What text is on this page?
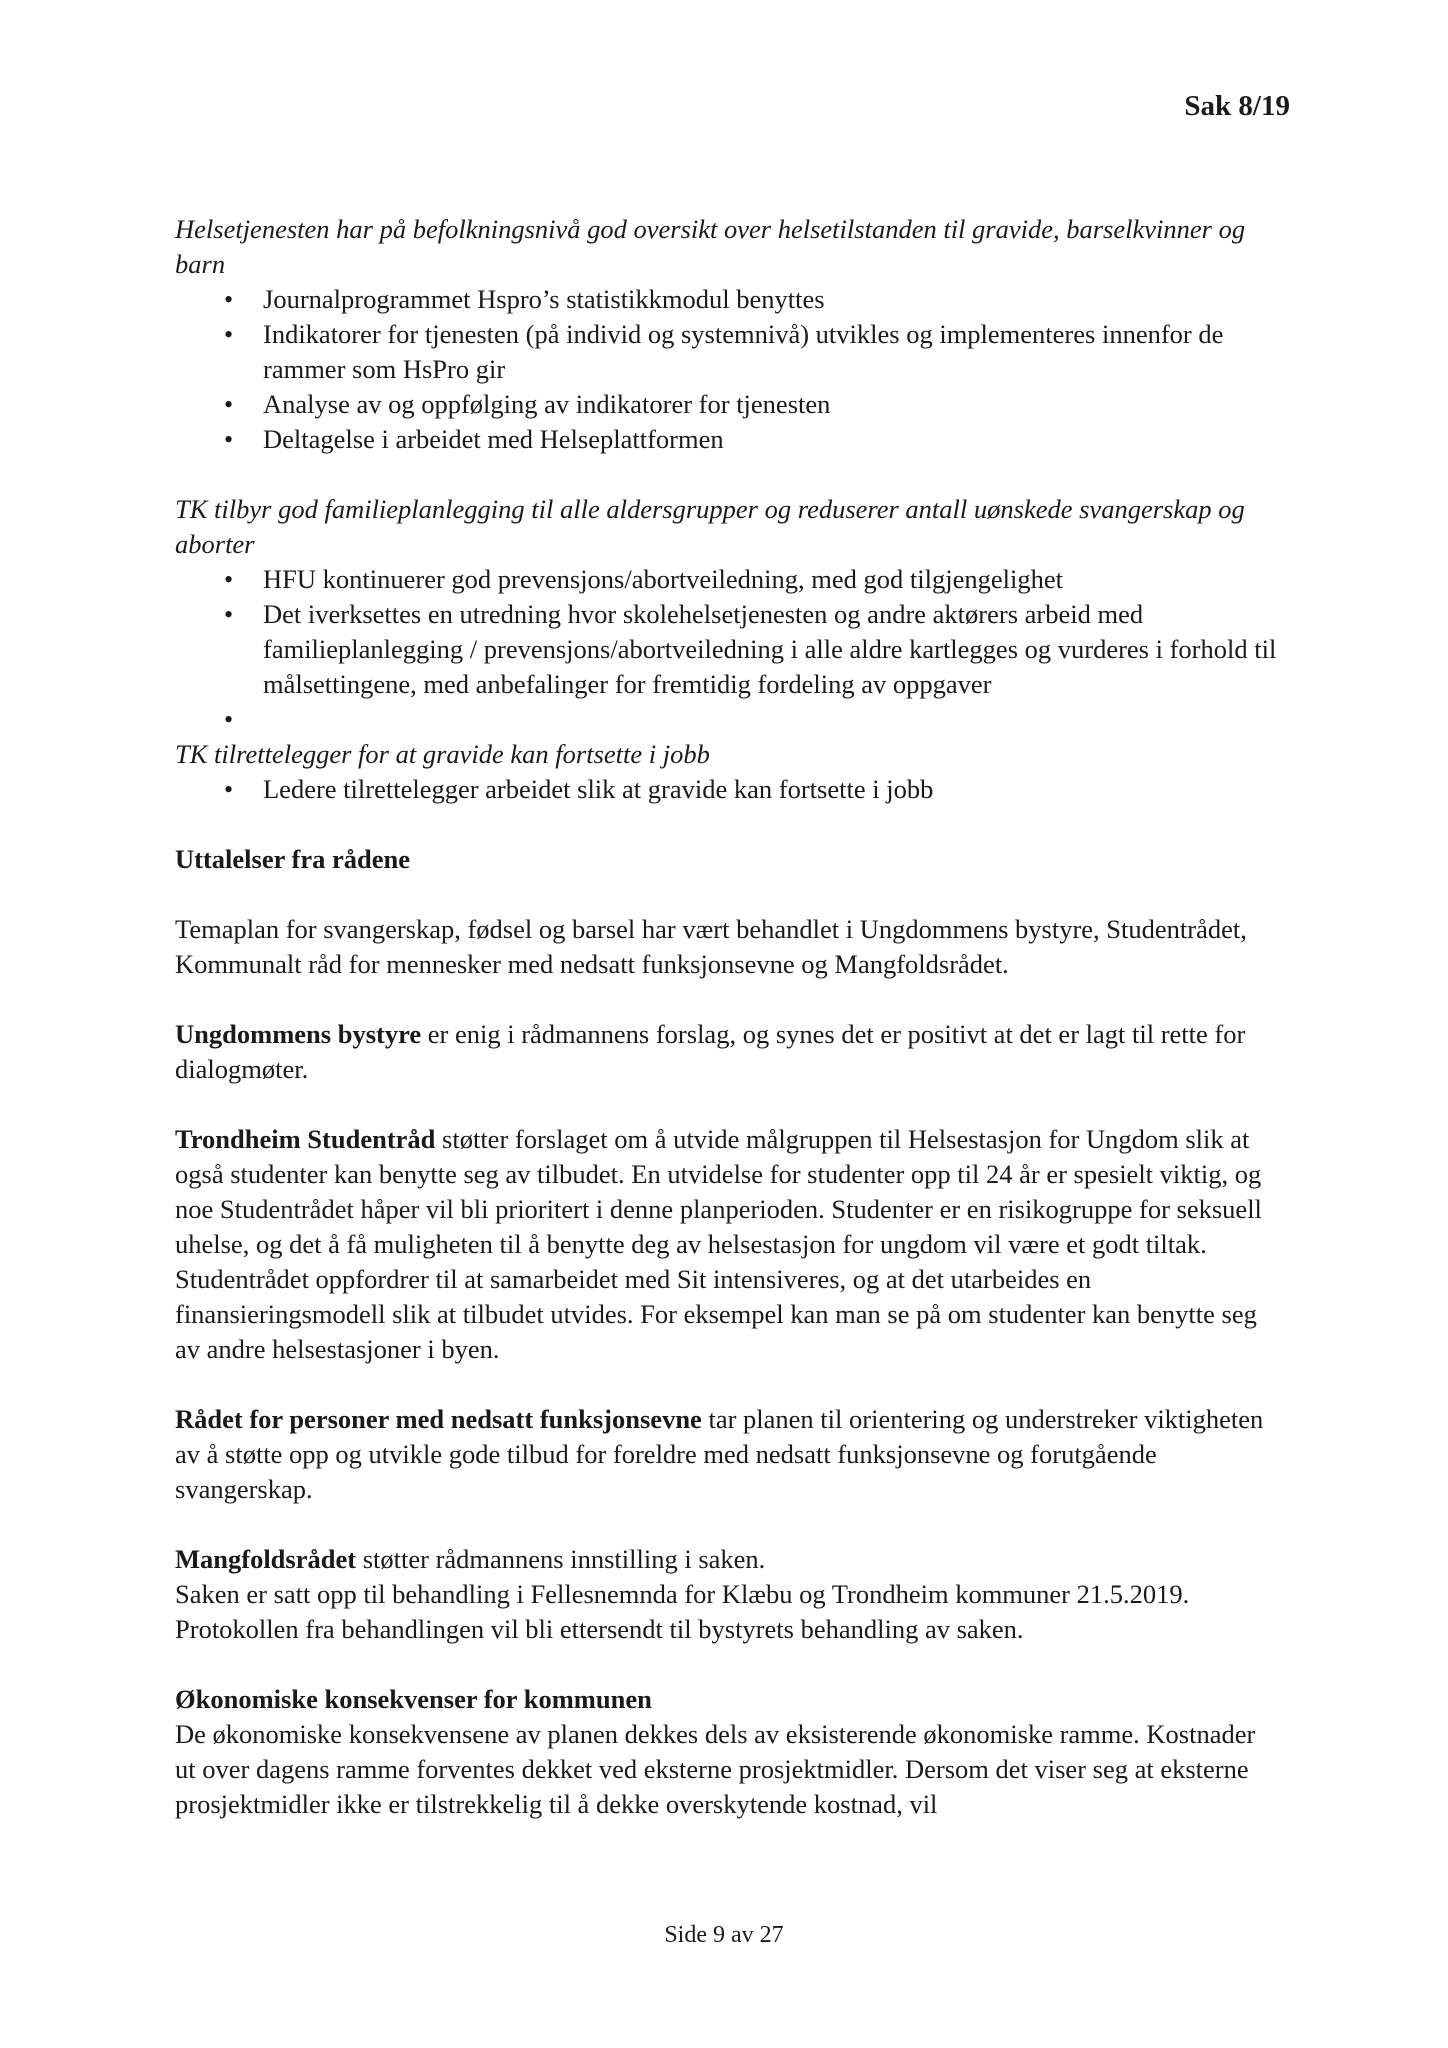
Sak 8/19
Helsetjenesten har på befolkningsnivå god oversikt over helsetilstanden til gravide, barselkvinner og barn
• Journalprogrammet Hspro’s statistikkmodul benyttes
• Indikatorer for tjenesten (på individ og systemnivå) utvikles og implementeres innenfor de rammer som HsPro gir
• Analyse av og oppfølging av indikatorer for tjenesten
• Deltagelse i arbeidet med Helseplattformen
TK tilbyr god familieplanlegging til alle aldersgrupper og reduserer antall uønskede svangerskap og aborter
• HFU kontinuerer god prevensjons/abortveiledning, med god tilgjengelighet
• Det iverksettes en utredning hvor skolehelsetjenesten og andre aktørers arbeid med familieplanlegging / prevensjons/abortveiledning i alle aldre kartlegges og vurderes i forhold til målsettingene, med anbefalinger for fremtidig fordeling av oppgaver
•
TK tilrettelegger for at gravide kan fortsette i jobb
• Ledere tilrettelegger arbeidet slik at gravide kan fortsette i jobb

Uttalelser fra rådene

Temaplan for svangerskap, fødsel og barsel har vært behandlet i Ungdommens bystyre, Studentrådet, Kommunalt råd for mennesker med nedsatt funksjonsevne og Mangfoldsrådet.

Ungdommens bystyre er enig i rådmannens forslag, og synes det er positivt at det er lagt til rette for dialogmøter.

Trondheim Studentråd støtter forslaget om å utvide målgruppen til Helsestasjon for Ungdom slik at også studenter kan benytte seg av tilbudet. En utvidelse for studenter opp til 24 år er spesielt viktig, og noe Studentrådet håper vil bli prioritert i denne planperioden. Studenter er en risikogruppe for seksuell uhelse, og det å få muligheten til å benytte deg av helsestasjon for ungdom vil være et godt tiltak.

Studentrådet oppfordrer til at samarbeidet med Sit intensiveres, og at det utarbeides en finansieringsmodell slik at tilbudet utvides. For eksempel kan man se på om studenter kan benytte seg av andre helsestasjoner i byen.

Rådet for personer med nedsatt funksjonsevne tar planen til orientering og understreker viktigheten av å støtte opp og utvikle gode tilbud for foreldre med nedsatt funksjonsevne og forutgående svangerskap.

Mangfoldsrådet støtter rådmannens innstilling i saken.

Saken er satt opp til behandling i Fellesnemnda for Klæbu og Trondheim kommuner 21.5.2019. Protokollen fra behandlingen vil bli ettersendt til bystyrets behandling av saken.

Økonomiske konsekvenser for kommunen

De økonomiske konsekvensene av planen dekkes dels av eksisterende økonomiske ramme. Kostnader ut over dagens ramme forventes dekket ved eksterne prosjektmidler. Dersom det viser seg at eksterne prosjektmidler ikke er tilstrekkelig til å dekke overskytende kostnad, vil

Side 9 av 27
